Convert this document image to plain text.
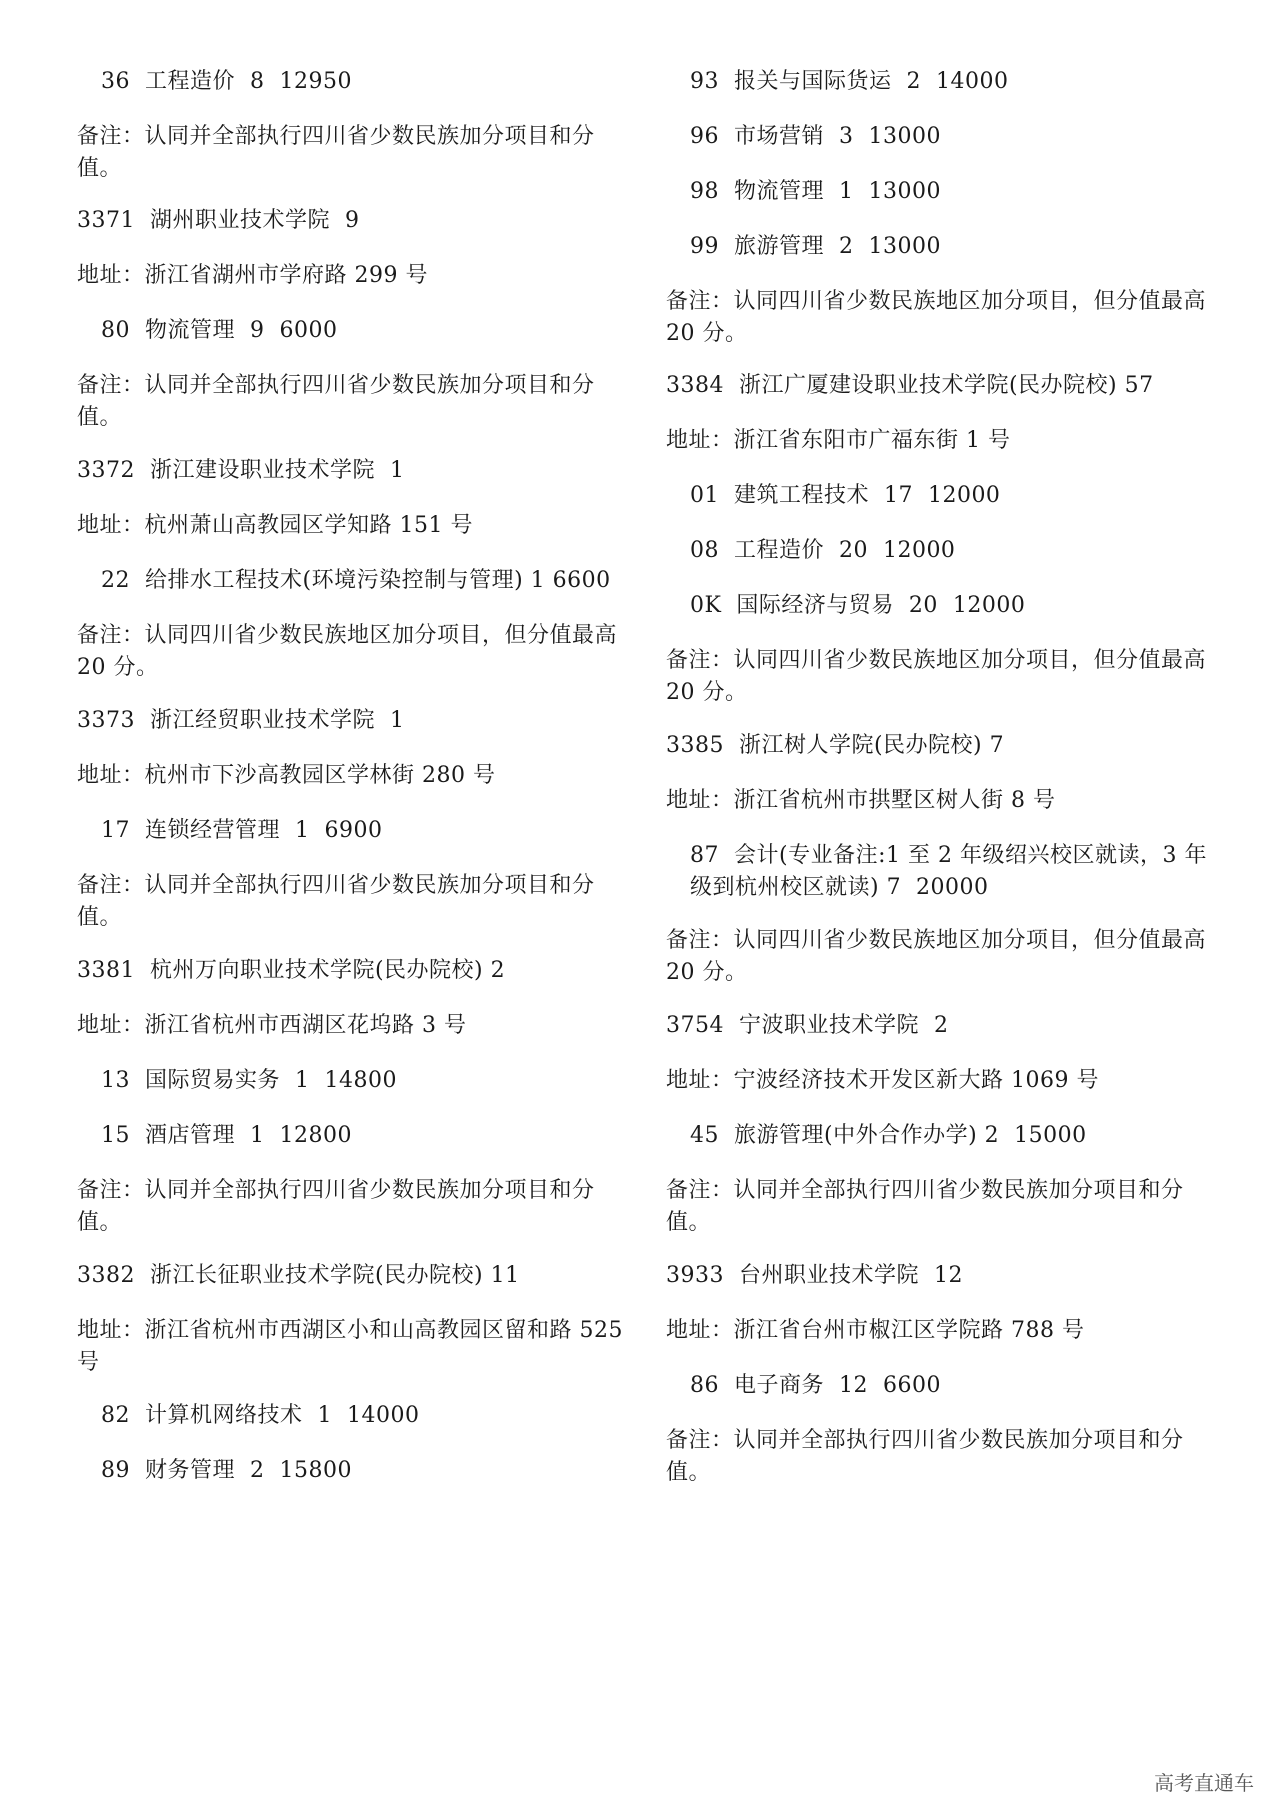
36  工程造价  8  12950
备注：认同并全部执行四川省少数民族加分项目和分值。
3371  湖州职业技术学院  9
地址：浙江省湖州市学府路 299 号
80  物流管理  9  6000
备注：认同并全部执行四川省少数民族加分项目和分值。
3372  浙江建设职业技术学院  1
地址：杭州萧山高教园区学知路 151 号
22  给排水工程技术(环境污染控制与管理) 1 6600
备注：认同四川省少数民族地区加分项目，但分值最高 20 分。
3373  浙江经贸职业技术学院  1
地址：杭州市下沙高教园区学林街 280 号
17  连锁经营管理  1  6900
备注：认同并全部执行四川省少数民族加分项目和分值。
3381  杭州万向职业技术学院(民办院校) 2
地址：浙江省杭州市西湖区花坞路 3 号
13  国际贸易实务  1  14800
15  酒店管理  1  12800
备注：认同并全部执行四川省少数民族加分项目和分值。
3382  浙江长征职业技术学院(民办院校) 11
地址：浙江省杭州市西湖区小和山高教园区留和路 525 号
82  计算机网络技术  1  14000
89  财务管理  2  15800
93  报关与国际货运  2  14000
96  市场营销  3  13000
98  物流管理  1  13000
99  旅游管理  2  13000
备注：认同四川省少数民族地区加分项目，但分值最高 20 分。
3384  浙江广厦建设职业技术学院(民办院校) 57
地址：浙江省东阳市广福东街 1 号
01  建筑工程技术  17  12000
08  工程造价  20  12000
0K  国际经济与贸易  20  12000
备注：认同四川省少数民族地区加分项目，但分值最高 20 分。
3385  浙江树人学院(民办院校) 7
地址：浙江省杭州市拱墅区树人街 8 号
87  会计(专业备注:1 至 2 年级绍兴校区就读，3 年级到杭州校区就读) 7  20000
备注：认同四川省少数民族地区加分项目，但分值最高 20 分。
3754  宁波职业技术学院  2
地址：宁波经济技术开发区新大路 1069 号
45  旅游管理(中外合作办学) 2  15000
备注：认同并全部执行四川省少数民族加分项目和分值。
3933  台州职业技术学院  12
地址：浙江省台州市椒江区学院路 788 号
86  电子商务  12  6600
备注：认同并全部执行四川省少数民族加分项目和分值。
高考直通车
